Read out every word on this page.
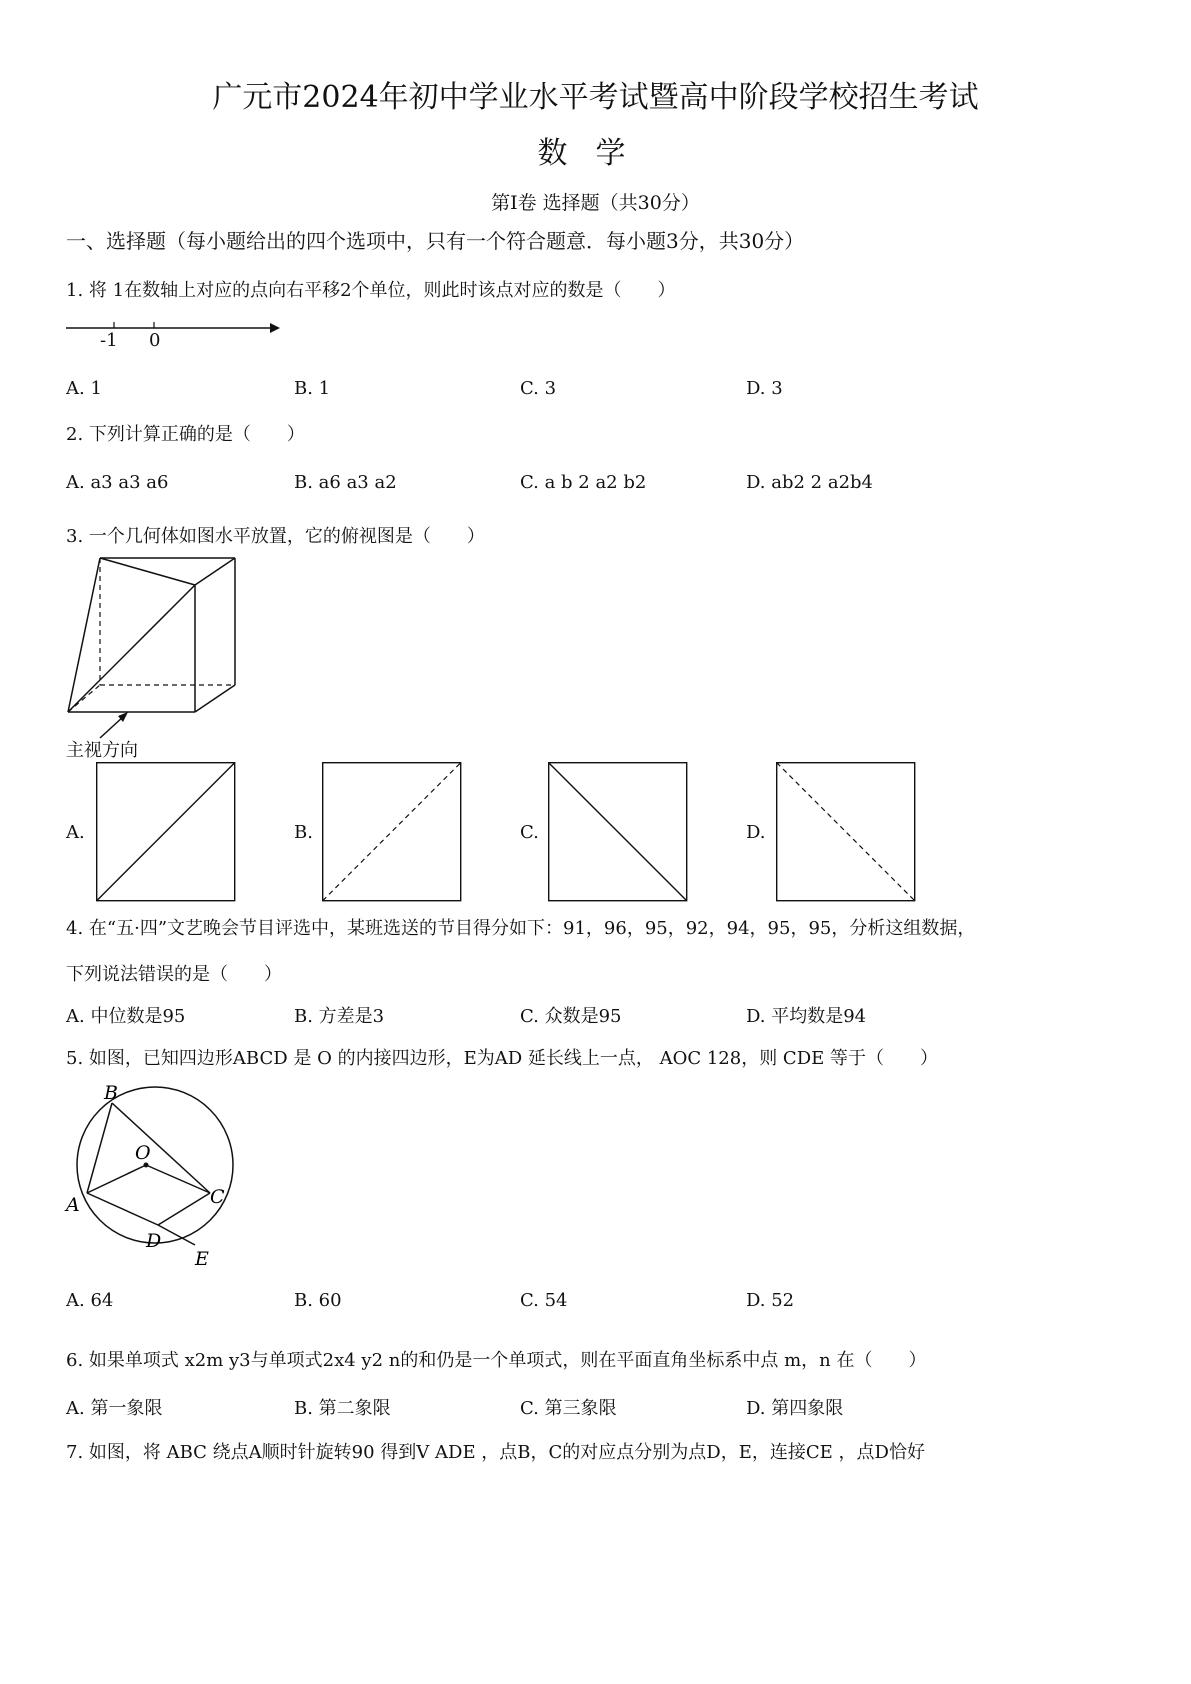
广元市2024年初中学业水平考试暨高中阶段学校招生考试
数学
第Ⅰ卷 选择题（共30分）
一、选择题（每小题给出的四个选项中，只有一个符合题意．每小题3分，共30分）
1. 将 1在数轴上对应的点向右平移2个单位，则此时该点对应的数是（　　）
-1 0
A. 1	B. 1	C. 3	D. 3
2. 下列计算正确的是（　　）
A. a3 a3 a6	B. a6 a3 a2	C. a b 2 a2 b2	D. ab2 2 a2b4
3. 一个几何体如图水平放置，它的俯视图是（　　）
主视方向
A.	B.	C.	D.
4. 在“五·四”文艺晚会节目评选中，某班选送的节目得分如下：91，96，95，92，94，95，95，分析这组数据，
下列说法错误的是（　　）
A. 中位数是95	B. 方差是3	C. 众数是95	D. 平均数是94
5. 如图，已知四边形ABCD 是 O 的内接四边形，E为AD 延长线上一点， AOC 128，则 CDE 等于（　　）
B
O
A	C
D
E
A. 64	B. 60	C. 54	D. 52
6. 如果单项式 x2m y3与单项式2x4 y2 n的和仍是一个单项式，则在平面直角坐标系中点 m，n 在（　　）
A. 第一象限	B. 第二象限	C. 第三象限	D. 第四象限
7. 如图，将 ABC 绕点A顺时针旋转90 得到V ADE ，点B，C的对应点分别为点D，E，连接CE ，点D恰好
